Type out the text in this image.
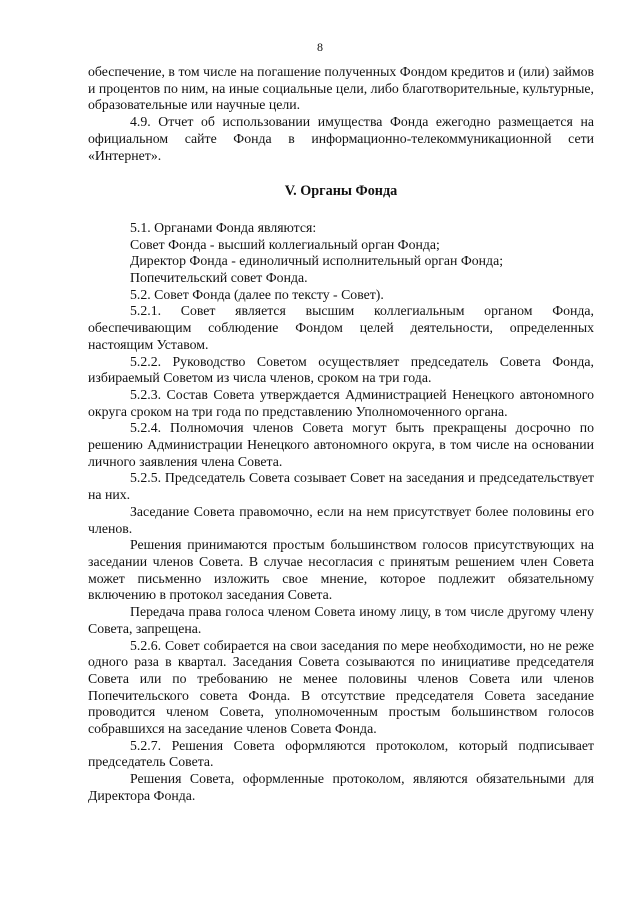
8

обеспечение, в том числе на погашение полученных Фондом кредитов и (или) займов и процентов по ним, на иные социальные цели, либо благотворительные, культурные, образовательные или научные цели.

4.9. Отчет об использовании имущества Фонда ежегодно размещается на официальном сайте Фонда в информационно-телекоммуникационной сети «Интернет».

V. Органы Фонда

5.1. Органами Фонда являются:

Совет Фонда - высший коллегиальный орган Фонда;

Директор Фонда - единоличный исполнительный орган Фонда;

Попечительский совет Фонда.

5.2. Совет Фонда (далее по тексту - Совет).

5.2.1. Совет является высшим коллегиальным органом Фонда, обеспечивающим соблюдение Фондом целей деятельности, определенных настоящим Уставом.

5.2.2. Руководство Советом осуществляет председатель Совета Фонда, избираемый Советом из числа членов, сроком на три года.

5.2.3. Состав Совета утверждается Администрацией Ненецкого автономного округа сроком на три года по представлению Уполномоченного органа.

5.2.4. Полномочия членов Совета могут быть прекращены досрочно по решению Администрации Ненецкого автономного округа, в том числе на основании личного заявления члена Совета.

5.2.5. Председатель Совета созывает Совет на заседания и председательствует на них.

Заседание Совета правомочно, если на нем присутствует более половины его членов.

Решения принимаются простым большинством голосов присутствующих на заседании членов Совета. В случае несогласия с принятым решением член Совета может письменно изложить свое мнение, которое подлежит обязательному включению в протокол заседания Совета.

Передача права голоса членом Совета иному лицу, в том числе другому члену Совета, запрещена.

5.2.6. Совет собирается на свои заседания по мере необходимости, но не реже одного раза в квартал. Заседания Совета созываются по инициативе председателя Совета или по требованию не менее половины членов Совета или членов Попечительского совета Фонда. В отсутствие председателя Совета заседание проводится членом Совета, уполномоченным простым большинством голосов собравшихся на заседание членов Совета Фонда.

5.2.7. Решения Совета оформляются протоколом, который подписывает председатель Совета.

Решения Совета, оформленные протоколом, являются обязательными для Директора Фонда.
